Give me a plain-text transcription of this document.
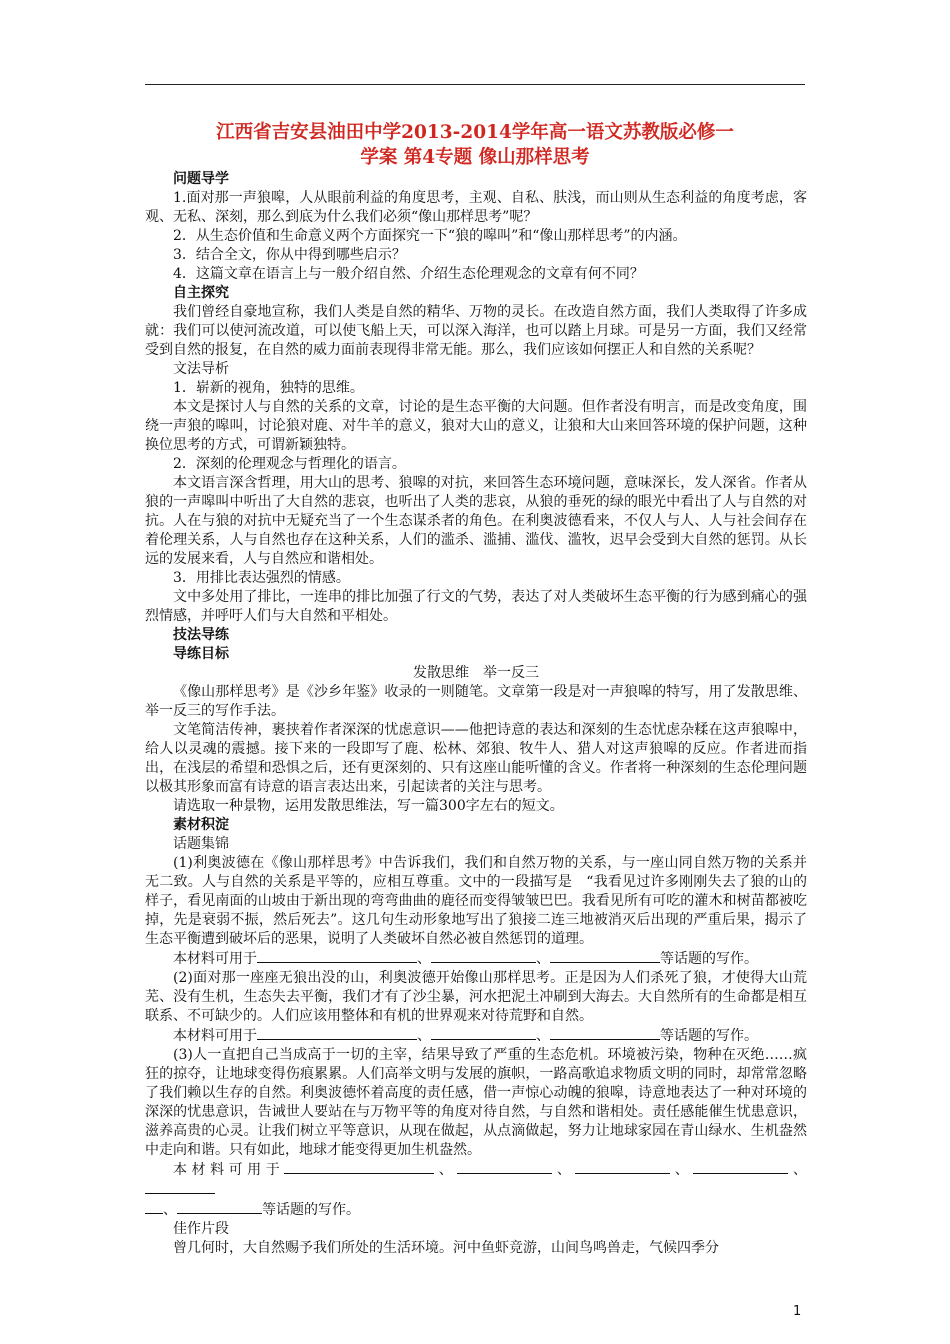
江西省吉安县油田中学2013-2014学年高一语文苏教版必修一
学案 第4专题 像山那样思考

问题导学

1.面对那一声狼嗥，人从眼前利益的角度思考，主观、自私、肤浅，而山则从生态利益的角度考虑，客观、无私、深刻，那么到底为什么我们必须“像山那样思考”呢？

2．从生态价值和生命意义两个方面探究一下“狼的嗥叫”和“像山那样思考”的内涵。

3．结合全文，你从中得到哪些启示？

4．这篇文章在语言上与一般介绍自然、介绍生态伦理观念的文章有何不同？

自主探究

我们曾经自豪地宣称，我们人类是自然的精华、万物的灵长。在改造自然方面，我们人类取得了许多成就：我们可以使河流改道，可以使飞船上天，可以深入海洋，也可以踏上月球。可是另一方面，我们又经常受到自然的报复，在自然的威力面前表现得非常无能。那么，我们应该如何摆正人和自然的关系呢？

文法导析

1．崭新的视角，独特的思维。

本文是探讨人与自然的关系的文章，讨论的是生态平衡的大问题。但作者没有明言，而是改变角度，围绕一声狼的嗥叫，讨论狼对鹿、对牛羊的意义，狼对大山的意义，让狼和大山来回答环境的保护问题，这种换位思考的方式，可谓新颖独特。

2．深刻的伦理观念与哲理化的语言。

本文语言深含哲理，用大山的思考、狼嗥的对抗，来回答生态环境问题，意味深长，发人深省。作者从狼的一声嗥叫中听出了大自然的悲哀，也听出了人类的悲哀，从狼的垂死的绿的眼光中看出了人与自然的对抗。人在与狼的对抗中无疑充当了一个生态谋杀者的角色。在利奥波德看来，不仅人与人、人与社会间存在着伦理关系，人与自然也存在这种关系，人们的滥杀、滥捕、滥伐、滥牧，迟早会受到大自然的惩罚。从长远的发展来看，人与自然应和谐相处。

3．用排比表达强烈的情感。

文中多处用了排比，一连串的排比加强了行文的气势，表达了对人类破坏生态平衡的行为感到痛心的强烈情感，并呼吁人们与大自然和平相处。

技法导练

导练目标

发散思维　举一反三

《像山那样思考》是《沙乡年鉴》收录的一则随笔。文章第一段是对一声狼嗥的特写，用了发散思维、举一反三的写作手法。

文笔简洁传神，裹挟着作者深深的忧虑意识——他把诗意的表达和深刻的生态忧虑杂糅在这声狼嗥中，给人以灵魂的震撼。接下来的一段即写了鹿、松林、郊狼、牧牛人、猎人对这声狼嗥的反应。作者进而指出，在浅层的希望和恐惧之后，还有更深刻的、只有这座山能听懂的含义。作者将一种深刻的生态伦理问题以极其形象而富有诗意的语言表达出来，引起读者的关注与思考。

请选取一种景物，运用发散思维法，写一篇300字左右的短文。

素材积淀

话题集锦

(1)利奥波德在《像山那样思考》中告诉我们，我们和自然万物的关系，与一座山同自然万物的关系并无二致。人与自然的关系是平等的，应相互尊重。文中的一段描写是　“我看见过许多刚刚失去了狼的山的样子，看见南面的山坡由于新出现的弯弯曲曲的鹿径而变得皱皱巴巴。我看见所有可吃的灌木和树苗都被吃掉，先是衰弱不振，然后死去”。这几句生动形象地写出了狼接二连三地被消灭后出现的严重后果，揭示了生态平衡遭到破坏后的恶果，说明了人类破坏自然必被自然惩罚的道理。

本材料可用于	、	、	等话题的写作。

(2)面对那一座座无狼出没的山，利奥波德开始像山那样思考。正是因为人们杀死了狼，才使得大山荒芜、没有生机，生态失去平衡，我们才有了沙尘暴，河水把泥土冲刷到大海去。大自然所有的生命都是相互联系、不可缺少的。人们应该用整体和有机的世界观来对待荒野和自然。

本材料可用于	、	、	等话题的写作。

(3)人一直把自己当成高于一切的主宰，结果导致了严重的生态危机。环境被污染，物种在灭绝……疯狂的掠夺，让地球变得伤痕累累。人们高举文明与发展的旗帜，一路高歌追求物质文明的同时，却常常忽略了我们赖以生存的自然。利奥波德怀着高度的责任感，借一声惊心动魄的狼嗥，诗意地表达了一种对环境的深深的忧患意识，告诫世人要站在与万物平等的角度对待自然，与自然和谐相处。责任感能催生忧患意识，滋养高贵的心灵。让我们树立平等意识，从现在做起，从点滴做起，努力让地球家园在青山绿水、生机盎然中走向和谐。只有如此，地球才能变得更加生机盎然。

本材料可用于	、	、	、	、

、	等话题的写作。

佳作片段

曾几何时，大自然赐予我们所处的生活环境。河中鱼虾竞游，山间鸟鸣兽走，气候四季分

1
